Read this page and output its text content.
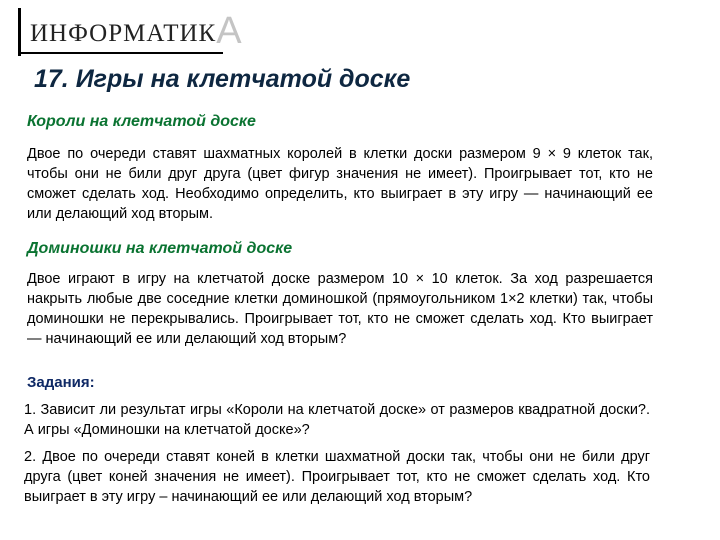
ИНФОРМАТИКА
17. Игры на клетчатой доске
Короли на клетчатой доске
Двое по очереди ставят шахматных королей в клетки доски размером 9 × 9 клеток так, чтобы они не били друг друга (цвет фигур значения не имеет). Проигрывает тот, кто не сможет сделать ход. Необходимо определить, кто выиграет в эту игру — начинающий ее или делающий ход вторым.
Доминошки на клетчатой доске
Двое играют в игру на клетчатой доске размером 10 × 10 клеток. За ход разрешается накрыть любые две соседние клетки доминошкой (прямоугольником 1×2 клетки) так, чтобы доминошки не перекрывались. Проигрывает тот, кто не сможет сделать ход. Кто выиграет — начинающий ее или делающий ход вторым?
Задания:
1. Зависит ли результат игры «Короли на клетчатой доске» от размеров квадратной доски?. А игры «Доминошки на клетчатой доске»?
2. Двое по очереди ставят коней в клетки шахматной доски так, чтобы они не били друг друга (цвет коней значения не имеет). Проигрывает тот, кто не сможет сделать ход. Кто выиграет в эту игру – начинающий ее или делающий ход вторым?
